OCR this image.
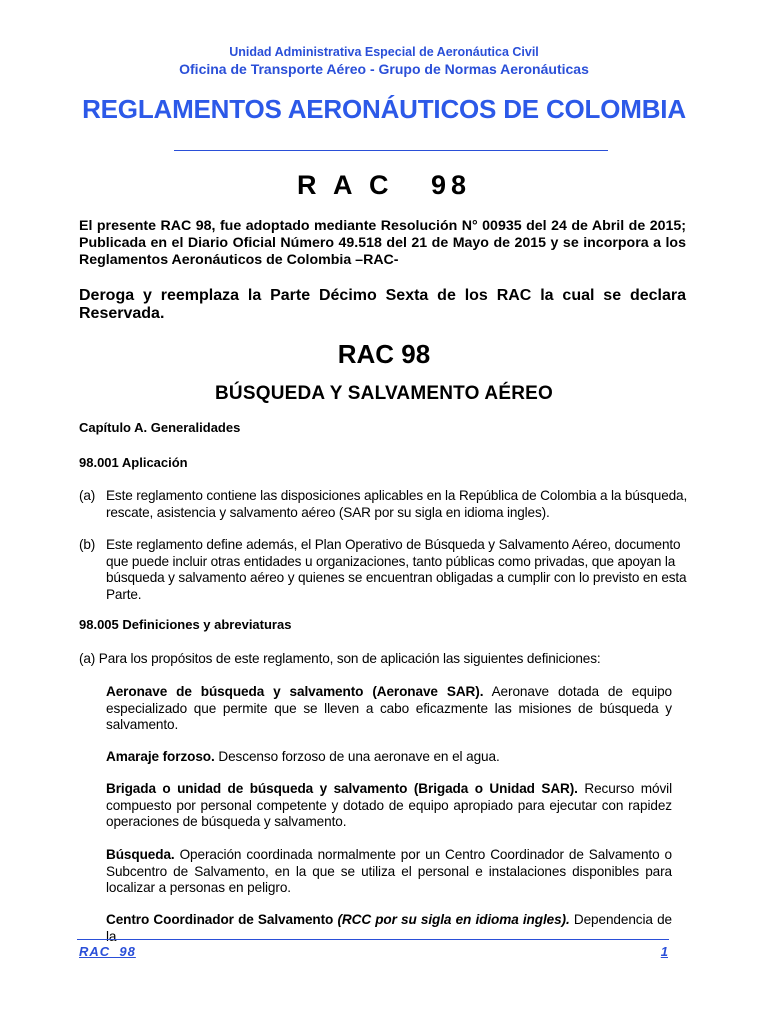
Unidad Administrativa Especial de Aeronáutica Civil
Oficina de Transporte Aéreo - Grupo de Normas Aeronáuticas
REGLAMENTOS AERONÁUTICOS DE COLOMBIA
R A C   98
El presente RAC 98, fue adoptado mediante Resolución N° 00935 del 24 de Abril de 2015; Publicada en el Diario Oficial Número 49.518 del 21 de Mayo de 2015 y se incorpora a los Reglamentos Aeronáuticos de Colombia –RAC-
Deroga y reemplaza la Parte Décimo Sexta de los RAC la cual se declara Reservada.
RAC 98
BÚSQUEDA Y SALVAMENTO AÉREO
Capítulo A. Generalidades
98.001 Aplicación
(a) Este reglamento contiene las disposiciones aplicables en la República de Colombia a la búsqueda, rescate, asistencia y salvamento aéreo (SAR por su sigla en idioma ingles).
(b) Este reglamento define además, el Plan Operativo de Búsqueda y Salvamento Aéreo, documento que puede incluir otras entidades u organizaciones, tanto públicas como privadas, que apoyan la búsqueda y salvamento aéreo y quienes se encuentran obligadas a cumplir con lo previsto en esta Parte.
98.005 Definiciones y abreviaturas
(a) Para los propósitos de este reglamento, son de aplicación las siguientes definiciones:
Aeronave de búsqueda y salvamento (Aeronave SAR). Aeronave dotada de equipo especializado que permite que se lleven a cabo eficazmente las misiones de búsqueda y salvamento.
Amaraje forzoso. Descenso forzoso de una aeronave en el agua.
Brigada o unidad de búsqueda y salvamento (Brigada o Unidad SAR). Recurso móvil compuesto por personal competente y dotado de equipo apropiado para ejecutar con rapidez operaciones de búsqueda y salvamento.
Búsqueda. Operación coordinada normalmente por un Centro Coordinador de Salvamento o Subcentro de Salvamento, en la que se utiliza el personal e instalaciones disponibles para localizar a personas en peligro.
Centro Coordinador de Salvamento (RCC por su sigla en idioma ingles). Dependencia de la
RAC  98	1
